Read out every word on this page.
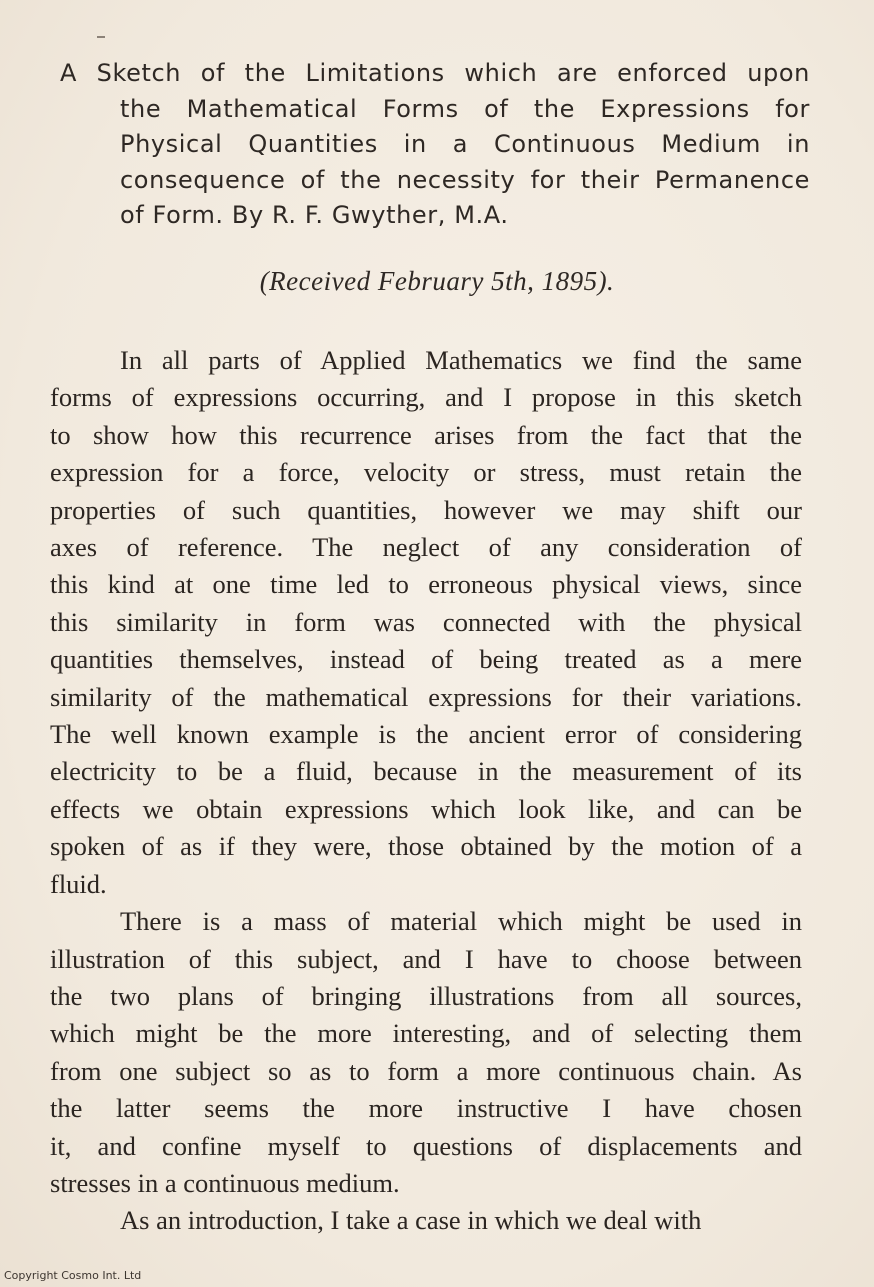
A Sketch of the Limitations which are enforced upon
the Mathematical Forms of the Expressions for
Physical Quantities in a Continuous Medium in
consequence of the necessity for their Permanence
of Form. By R. F. Gwyther, M.A.
(Received February 5th, 1895).
In all parts of Applied Mathematics we find the same
forms of expressions occurring, and I propose in this sketch
to show how this recurrence arises from the fact that the
expression for a force, velocity or stress, must retain the
properties of such quantities, however we may shift our
axes of reference. The neglect of any consideration of
this kind at one time led to erroneous physical views, since
this similarity in form was connected with the physical
quantities themselves, instead of being treated as a mere
similarity of the mathematical expressions for their variations.
The well known example is the ancient error of considering
electricity to be a fluid, because in the measurement of its
effects we obtain expressions which look like, and can be
spoken of as if they were, those obtained by the motion of a
fluid.
There is a mass of material which might be used in
illustration of this subject, and I have to choose between
the two plans of bringing illustrations from all sources,
which might be the more interesting, and of selecting them
from one subject so as to form a more continuous chain. As
the latter seems the more instructive I have chosen
it, and confine myself to questions of displacements and
stresses in a continuous medium.
As an introduction, I take a case in which we deal with
Copyright Cosmo Int. Ltd
